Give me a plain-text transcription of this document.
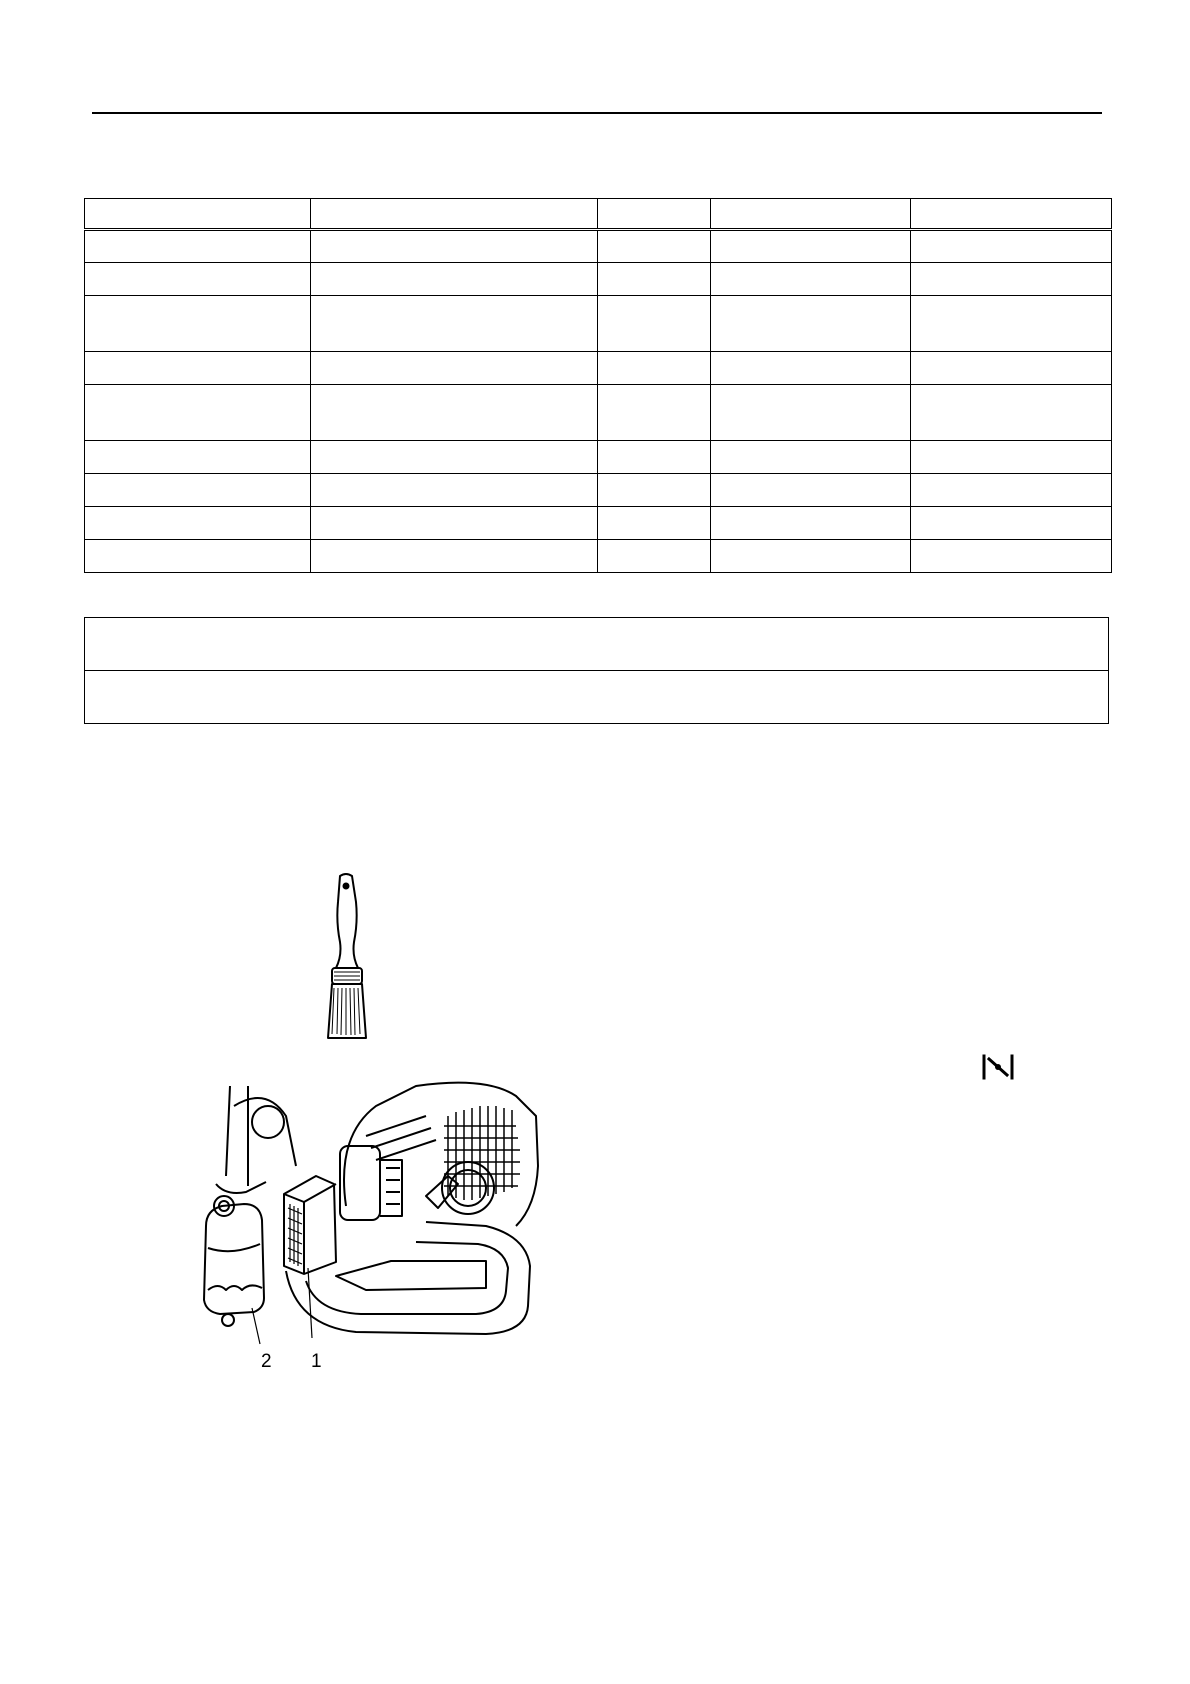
2 1
